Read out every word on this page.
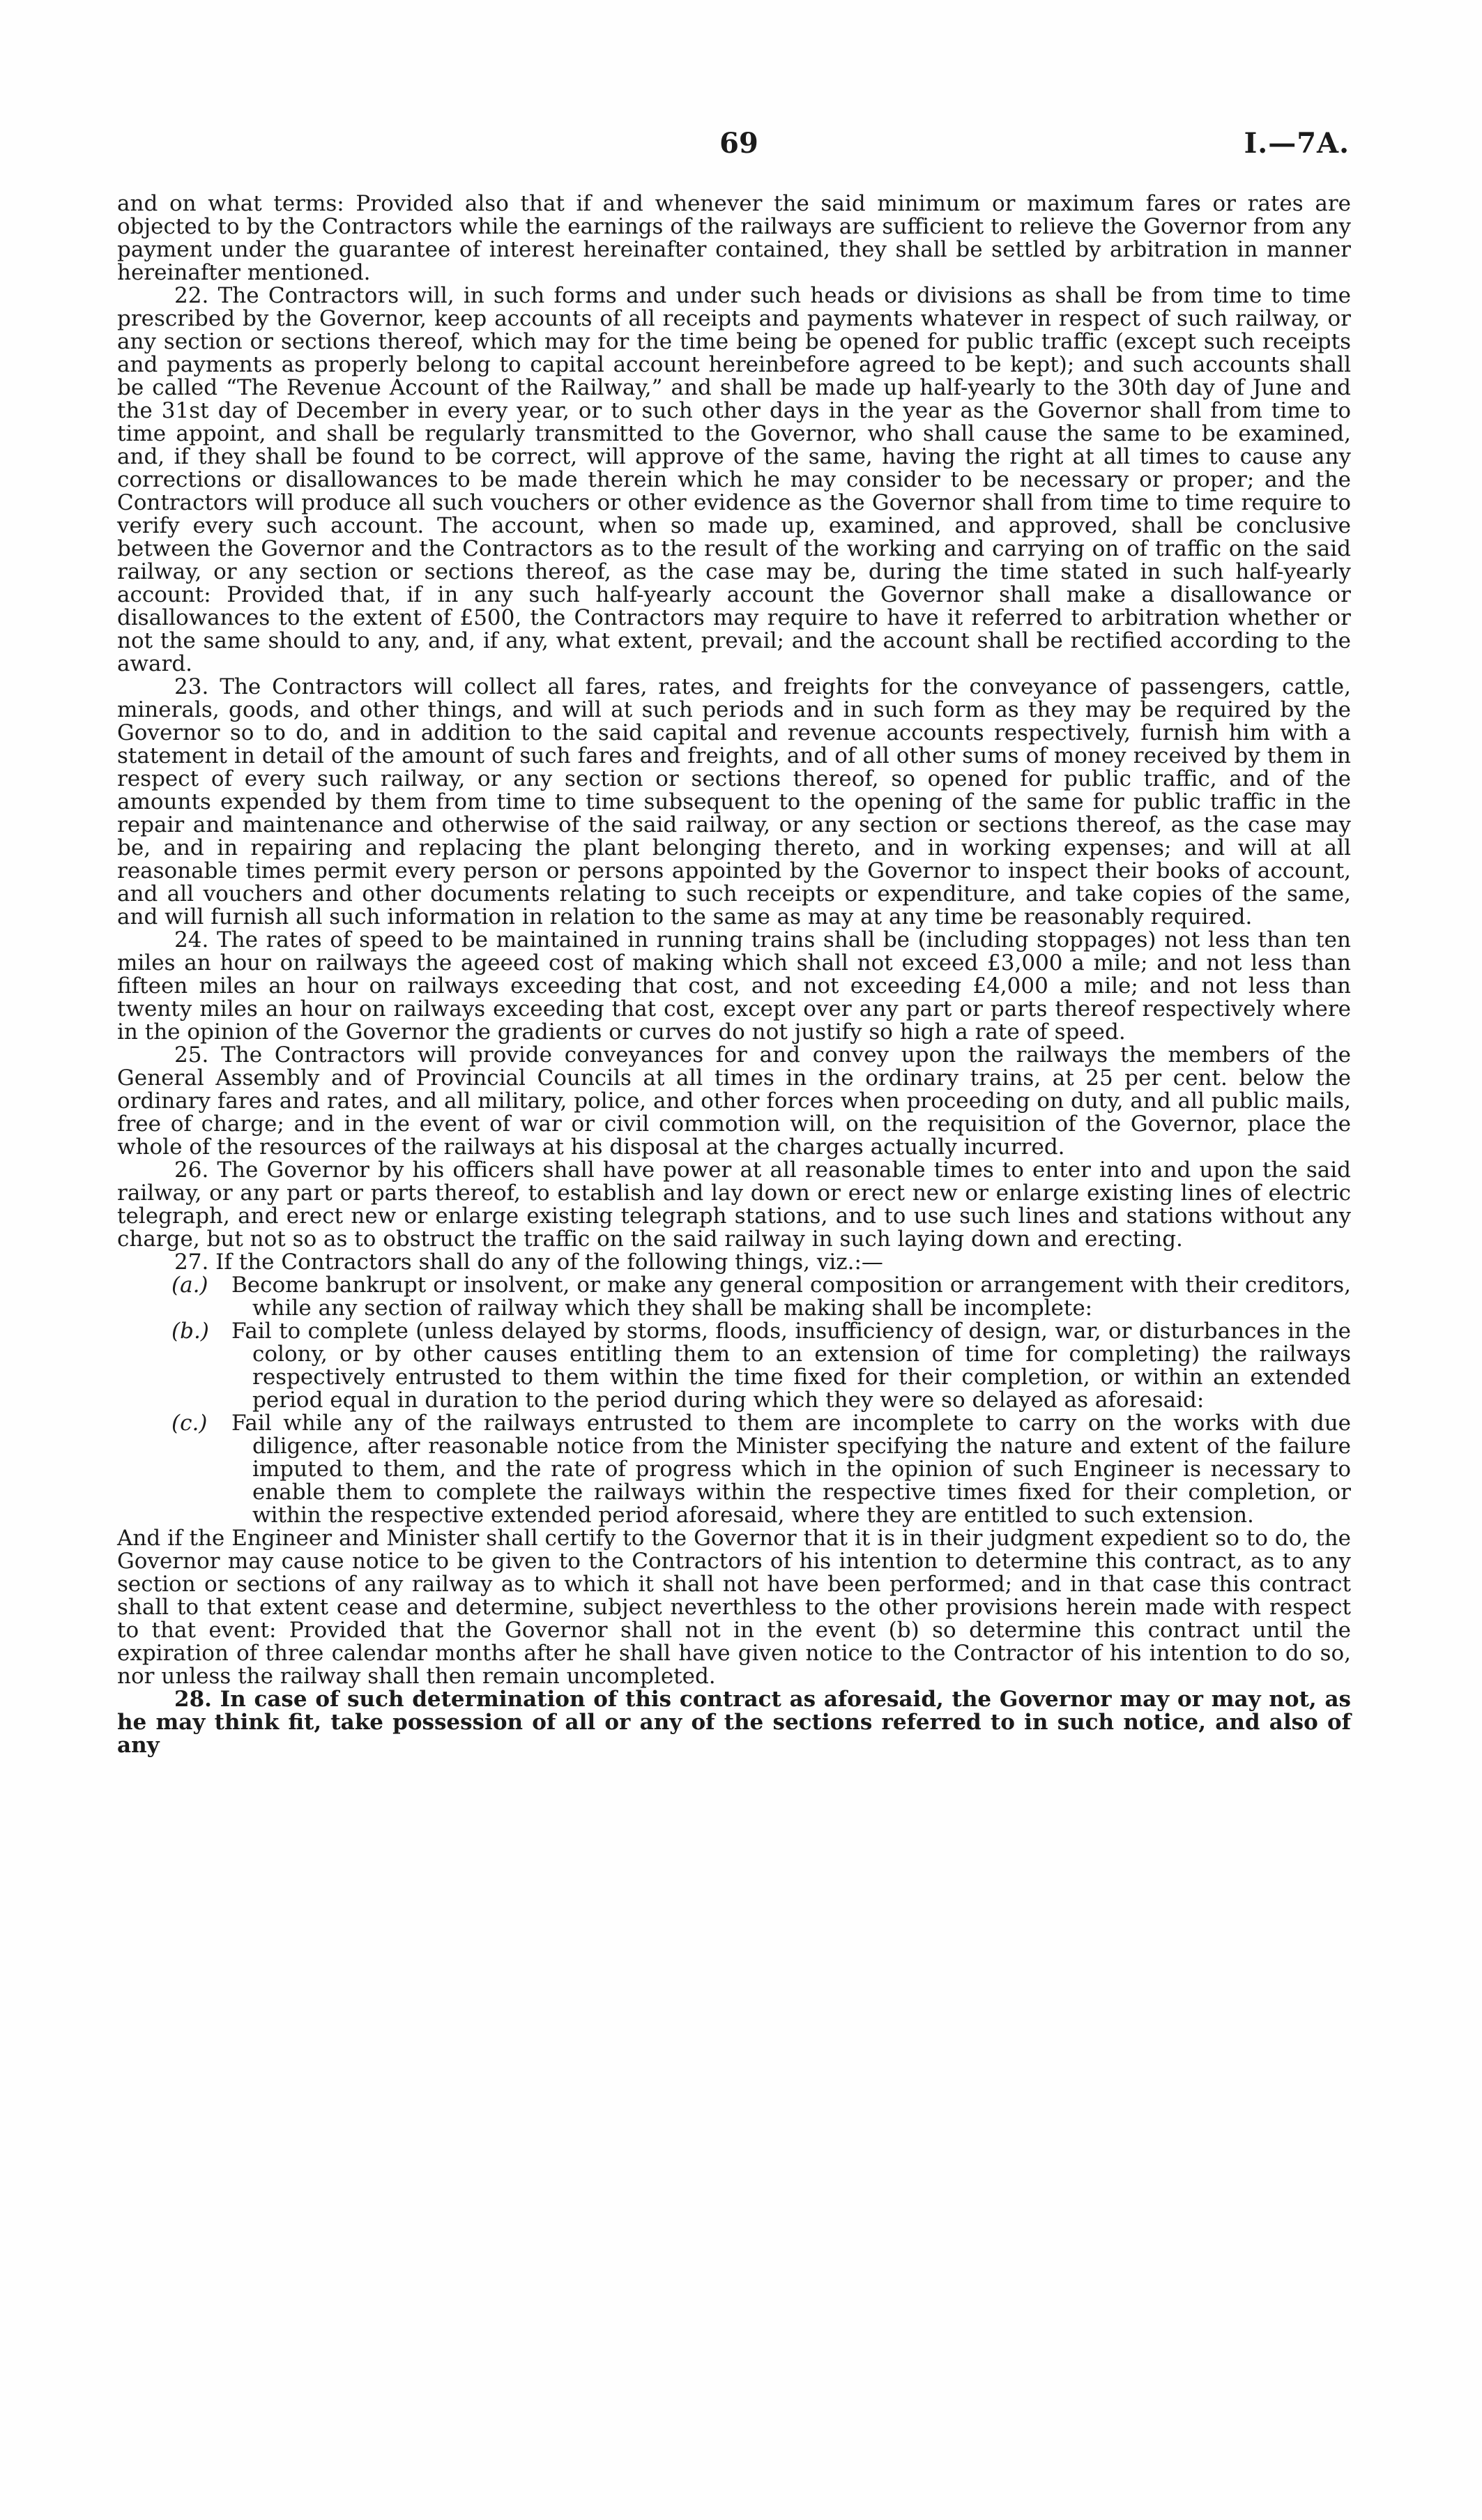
69	I.—7A.

and on what terms: Provided also that if and whenever the said minimum or maximum fares or rates are objected to by the Contractors while the earnings of the railways are sufficient to relieve the Governor from any payment under the guarantee of interest hereinafter contained, they shall be settled by arbitration in manner hereinafter mentioned.

22. The Contractors will, in such forms and under such heads or divisions as shall be from time to time prescribed by the Governor, keep accounts of all receipts and payments whatever in respect of such railway, or any section or sections thereof, which may for the time being be opened for public traffic (except such receipts and payments as properly belong to capital account hereinbefore agreed to be kept); and such accounts shall be called “The Revenue Account of the Railway,” and shall be made up half-yearly to the 30th day of June and the 31st day of December in every year, or to such other days in the year as the Governor shall from time to time appoint, and shall be regularly transmitted to the Governor, who shall cause the same to be examined, and, if they shall be found to be correct, will approve of the same, having the right at all times to cause any corrections or disallowances to be made therein which he may consider to be necessary or proper; and the Contractors will produce all such vouchers or other evidence as the Governor shall from time to time require to verify every such account. The account, when so made up, examined, and approved, shall be conclusive between the Governor and the Contractors as to the result of the working and carrying on of traffic on the said railway, or any section or sections thereof, as the case may be, during the time stated in such half-yearly account: Provided that, if in any such half-yearly account the Governor shall make a disallowance or disallowances to the extent of £500, the Contractors may require to have it referred to arbitration whether or not the same should to any, and, if any, what extent, prevail; and the account shall be rectified according to the award.

23. The Contractors will collect all fares, rates, and freights for the conveyance of passengers, cattle, minerals, goods, and other things, and will at such periods and in such form as they may be required by the Governor so to do, and in addition to the said capital and revenue accounts respectively, furnish him with a statement in detail of the amount of such fares and freights, and of all other sums of money received by them in respect of every such railway, or any section or sections thereof, so opened for public traffic, and of the amounts expended by them from time to time subsequent to the opening of the same for public traffic in the repair and maintenance and otherwise of the said railway, or any section or sections thereof, as the case may be, and in repairing and replacing the plant belonging thereto, and in working expenses; and will at all reasonable times permit every person or persons appointed by the Governor to inspect their books of account, and all vouchers and other documents relating to such receipts or expenditure, and take copies of the same, and will furnish all such information in relation to the same as may at any time be reasonably required.

24. The rates of speed to be maintained in running trains shall be (including stoppages) not less than ten miles an hour on railways the ageeed cost of making which shall not exceed £3,000 a mile; and not less than fifteen miles an hour on railways exceeding that cost, and not exceeding £4,000 a mile; and not less than twenty miles an hour on railways exceeding that cost, except over any part or parts thereof respectively where in the opinion of the Governor the gradients or curves do not justify so high a rate of speed.

25. The Contractors will provide conveyances for and convey upon the railways the members of the General Assembly and of Provincial Councils at all times in the ordinary trains, at 25 per cent. below the ordinary fares and rates, and all military, police, and other forces when proceeding on duty, and all public mails, free of charge; and in the event of war or civil commotion will, on the requisition of the Governor, place the whole of the resources of the railways at his disposal at the charges actually incurred.

26. The Governor by his officers shall have power at all reasonable times to enter into and upon the said railway, or any part or parts thereof, to establish and lay down or erect new or enlarge existing lines of electric telegraph, and erect new or enlarge existing telegraph stations, and to use such lines and stations without any charge, but not so as to obstruct the traffic on the said railway in such laying down and erecting.

27. If the Contractors shall do any of the following things, viz.:—

(a.)	Become bankrupt or insolvent, or make any general composition or arrangement with their creditors, while any section of railway which they shall be making shall be incomplete:
(b.)	Fail to complete (unless delayed by storms, floods, insufficiency of design, war, or disturbances in the colony, or by other causes entitling them to an extension of time for completing) the railways respectively entrusted to them within the time fixed for their completion, or within an extended period equal in duration to the period during which they were so delayed as aforesaid:
(c.)	Fail while any of the railways entrusted to them are incomplete to carry on the works with due diligence, after reasonable notice from the Minister specifying the nature and extent of the failure imputed to them, and the rate of progress which in the opinion of such Engineer is necessary to enable them to complete the railways within the respective times fixed for their completion, or within the respective extended period aforesaid, where they are entitled to such extension.

And if the Engineer and Minister shall certify to the Governor that it is in their judgment expedient so to do, the Governor may cause notice to be given to the Contractors of his intention to determine this contract, as to any section or sections of any railway as to which it shall not have been performed; and in that case this contract shall to that extent cease and determine, subject neverthless to the other provisions herein made with respect to that event: Provided that the Governor shall not in the event (b) so determine this contract until the expiration of three calendar months after he shall have given notice to the Contractor of his intention to do so, nor unless the railway shall then remain uncompleted.

28. In case of such determination of this contract as aforesaid, the Governor may or may not, as he may think fit, take possession of all or any of the sections referred to in such notice, and also of any
